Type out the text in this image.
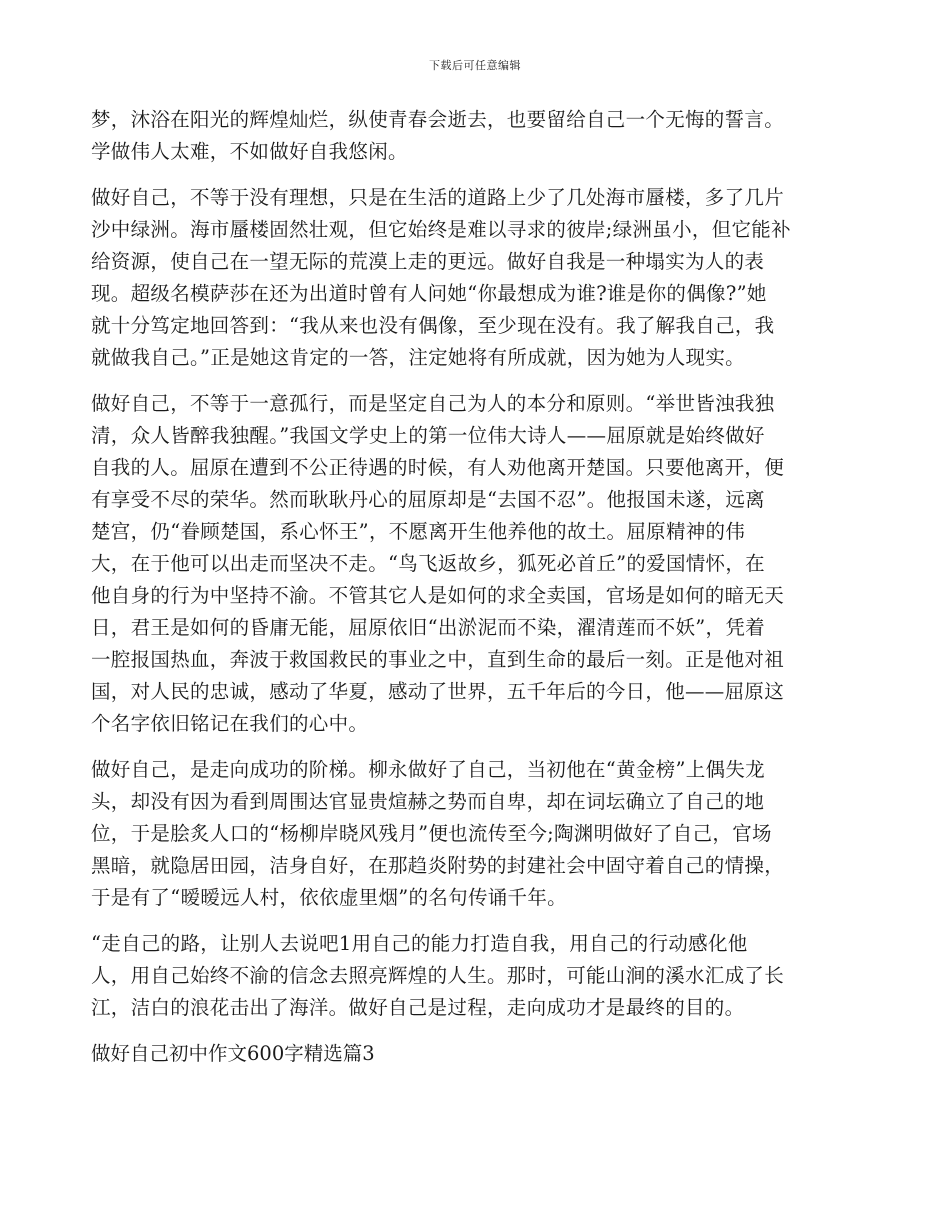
下载后可任意编辑
梦，沐浴在阳光的辉煌灿烂，纵使青春会逝去，也要留给自己一个无悔的誓言。
学做伟人太难，不如做好自我悠闲。
做好自己，不等于没有理想，只是在生活的道路上少了几处海市蜃楼，多了几片
沙中绿洲。海市蜃楼固然壮观，但它始终是难以寻求的彼岸;绿洲虽小，但它能补
给资源，使自己在一望无际的荒漠上走的更远。做好自我是一种塌实为人的表
现。超级名模萨莎在还为出道时曾有人问她“你最想成为谁?谁是你的偶像?”她
就十分笃定地回答到：“我从来也没有偶像，至少现在没有。我了解我自己，我
就做我自己。”正是她这肯定的一答，注定她将有所成就，因为她为人现实。
做好自己，不等于一意孤行，而是坚定自己为人的本分和原则。“举世皆浊我独
清，众人皆醉我独醒。”我国文学史上的第一位伟大诗人——屈原就是始终做好
自我的人。屈原在遭到不公正待遇的时候，有人劝他离开楚国。只要他离开，便
有享受不尽的荣华。然而耿耿丹心的屈原却是“去国不忍”。他报国未遂，远离
楚宫，仍“眷顾楚国，系心怀王”，不愿离开生他养他的故土。屈原精神的伟
大，在于他可以出走而坚决不走。“鸟飞返故乡，狐死必首丘”的爱国情怀，在
他自身的行为中坚持不渝。不管其它人是如何的求全卖国，官场是如何的暗无天
日，君王是如何的昏庸无能，屈原依旧“出淤泥而不染，濯清莲而不妖”，凭着
一腔报国热血，奔波于救国救民的事业之中，直到生命的最后一刻。正是他对祖
国，对人民的忠诚，感动了华夏，感动了世界，五千年后的今日，他——屈原这
个名字依旧铭记在我们的心中。
做好自己，是走向成功的阶梯。柳永做好了自己，当初他在“黄金榜”上偶失龙
头，却没有因为看到周围达官显贵煊赫之势而自卑，却在词坛确立了自己的地
位，于是脍炙人口的“杨柳岸晓风残月”便也流传至今;陶渊明做好了自己，官场
黑暗，就隐居田园，洁身自好，在那趋炎附势的封建社会中固守着自己的情操，
于是有了“暧暧远人村，依依虚里烟”的名句传诵千年。
“走自己的路，让别人去说吧1用自己的能力打造自我，用自己的行动感化他
人，用自己始终不渝的信念去照亮辉煌的人生。那时，可能山涧的溪水汇成了长
江，洁白的浪花击出了海洋。做好自己是过程，走向成功才是最终的目的。
做好自己初中作文600字精选篇3
